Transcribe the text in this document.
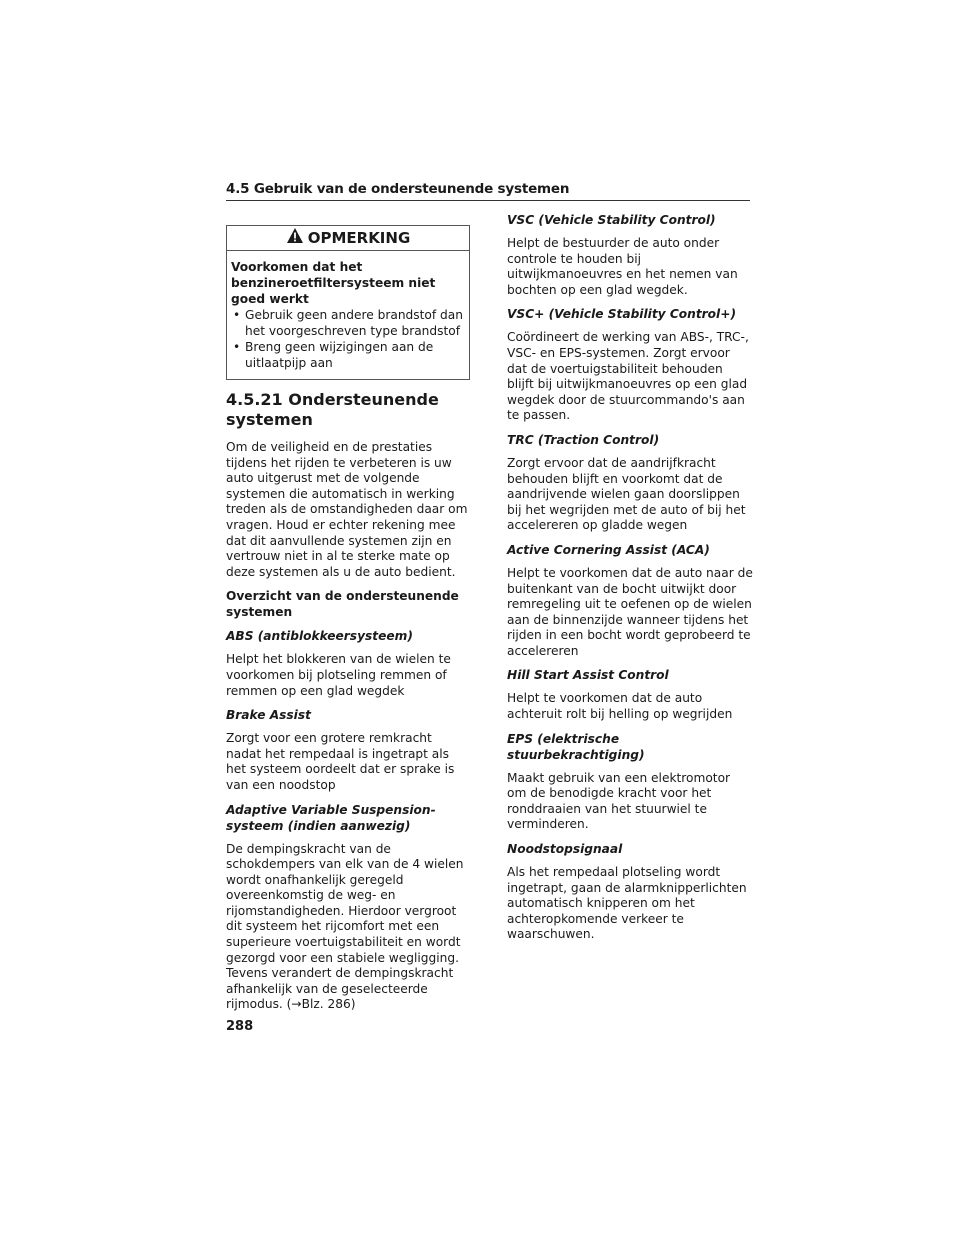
4.5 Gebruik van de ondersteunende systemen
OPMERKING
Voorkomen dat het benzineroetfiltersysteem niet goed werkt
• Gebruik geen andere brandstof dan het voorgeschreven type brandstof
• Breng geen wijzigingen aan de uitlaatpijp aan
4.5.21 Ondersteunende systemen

Om de veiligheid en de prestaties tijdens het rijden te verbeteren is uw auto uitgerust met de volgende systemen die automatisch in werking treden als de omstandigheden daar om vragen. Houd er echter rekening mee dat dit aanvullende systemen zijn en vertrouw niet in al te sterke mate op deze systemen als u de auto bedient.

Overzicht van de ondersteunende systemen
ABS (antiblokkeersysteem)

Helpt het blokkeren van de wielen te voorkomen bij plotseling remmen of remmen op een glad wegdek

Brake Assist

Zorgt voor een grotere remkracht nadat het rempedaal is ingetrapt als het systeem oordeelt dat er sprake is van een noodstop

Adaptive Variable Suspension-systeem (indien aanwezig)

De dempingskracht van de schokdempers van elk van de 4 wielen wordt onafhankelijk geregeld overeenkomstig de weg- en rijomstandigheden. Hierdoor vergroot dit systeem het rijcomfort met een superieure voertuigstabiliteit en wordt gezorgd voor een stabiele wegligging. Tevens verandert de dempingskracht afhankelijk van de geselecteerde rijmodus. (→Blz. 286)

VSC (Vehicle Stability Control)

Helpt de bestuurder de auto onder controle te houden bij uitwijkmanoeuvres en het nemen van bochten op een glad wegdek.

VSC+ (Vehicle Stability Control+)

Coördineert de werking van ABS-, TRC-, VSC- en EPS-systemen. Zorgt ervoor dat de voertuigstabiliteit behouden blijft bij uitwijkmanoeuvres op een glad wegdek door de stuurcommando's aan te passen.

TRC (Traction Control)

Zorgt ervoor dat de aandrijfkracht behouden blijft en voorkomt dat de aandrijvende wielen gaan doorslippen bij het wegrijden met de auto of bij het accelereren op gladde wegen

Active Cornering Assist (ACA)

Helpt te voorkomen dat de auto naar de buitenkant van de bocht uitwijkt door remregeling uit te oefenen op de wielen aan de binnenzijde wanneer tijdens het rijden in een bocht wordt geprobeerd te accelereren

Hill Start Assist Control

Helpt te voorkomen dat de auto achteruit rolt bij helling op wegrijden

EPS (elektrische stuurbekrachtiging)

Maakt gebruik van een elektromotor om de benodigde kracht voor het ronddraaien van het stuurwiel te verminderen.

Noodstopsignaal

Als het rempedaal plotseling wordt ingetrapt, gaan de alarmknipperlichten automatisch knipperen om het achteropkomende verkeer te waarschuwen.

288
